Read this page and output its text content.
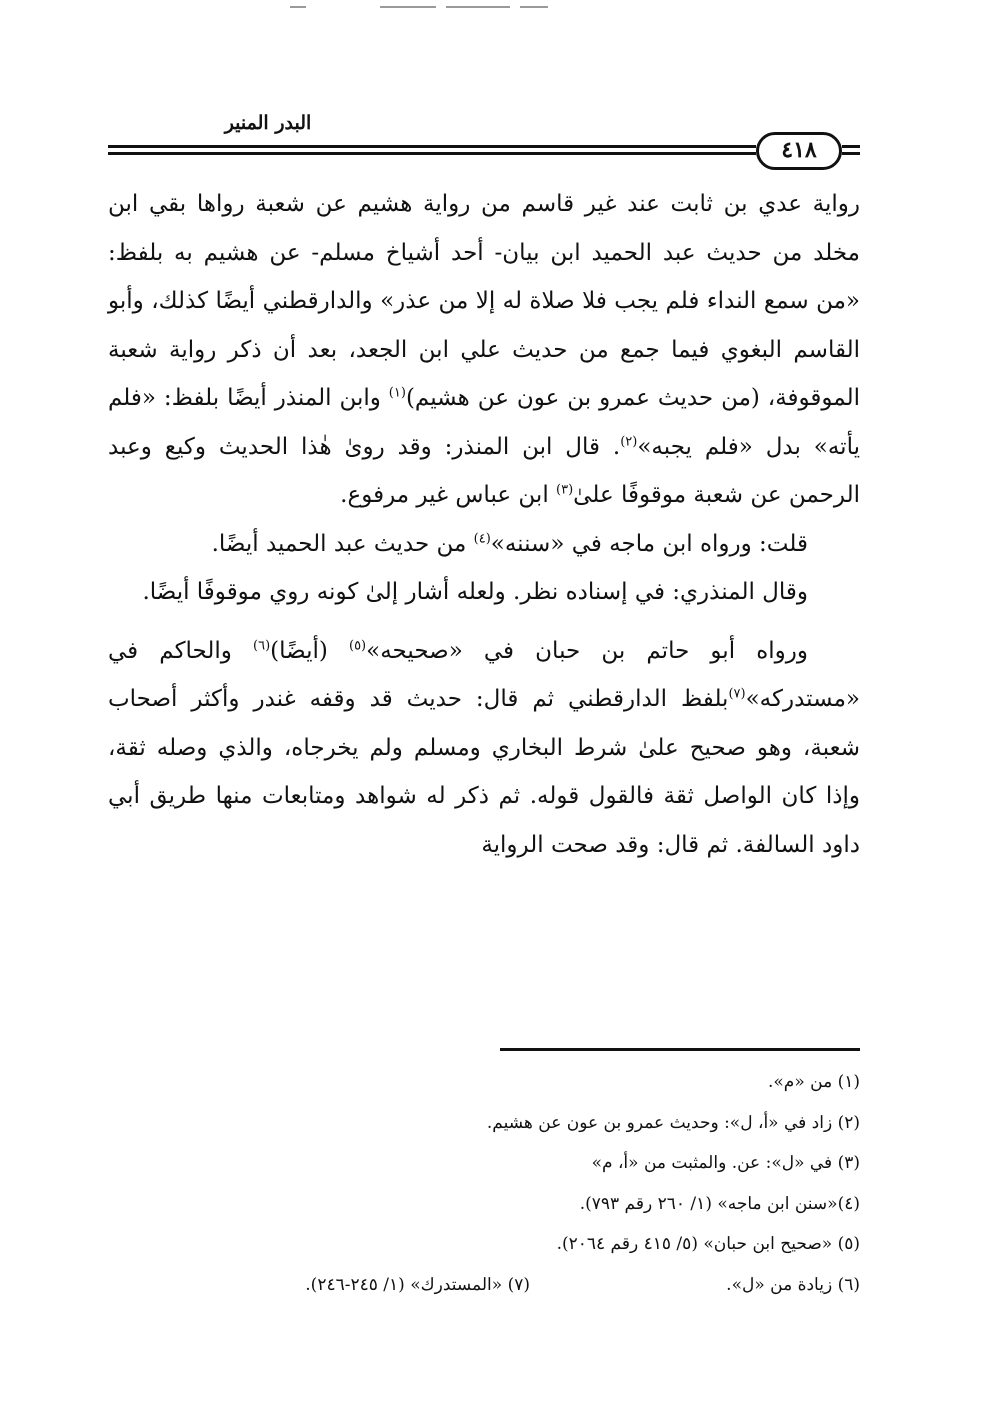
البدر المنير
٤١٨

رواية عدي بن ثابت عند غير قاسم من رواية هشيم عن شعبة رواها بقي ابن مخلد من حديث عبد الحميد ابن بيان- أحد أشياخ مسلم- عن هشيم به بلفظ: «من سمع النداء فلم يجب فلا صلاة له إلا من عذر» والدارقطني أيضًا كذلك، وأبو القاسم البغوي فيما جمع من حديث علي ابن الجعد، بعد أن ذكر رواية شعبة الموقوفة، (من حديث عمرو بن عون عن هشيم)$^{(١)}$ وابن المنذر أيضًا بلفظ: «فلم يأته» بدل «فلم يجبه»$^{(٢)}$. قال ابن المنذر: وقد رویٰ هٰذا الحديث وكيع وعبد الرحمن عن شعبة موقوفًا علىٰ$^{(٣)}$ ابن عباس غير مرفوع.

قلت: ورواه ابن ماجه في «سننه»$^{(٤)}$ من حديث عبد الحميد أيضًا.

وقال المنذري: في إسناده نظر. ولعله أشار إلىٰ كونه روي موقوفًا أيضًا.

ورواه أبو حاتم بن حبان في «صحيحه»$^{(٥)}$ (أيضًا)$^{(٦)}$ والحاكم في «مستدركه»$^{(٧)}$بلفظ الدارقطني ثم قال: حديث قد وقفه غندر وأكثر أصحاب شعبة، وهو صحيح علىٰ شرط البخاري ومسلم ولم يخرجاه، والذي وصله ثقة، وإذا كان الواصل ثقة فالقول قوله. ثم ذكر له شواهد ومتابعات منها طريق أبي داود السالفة. ثم قال: وقد صحت الرواية

(١) من «م».
(٢) زاد في «أ، ل»: وحديث عمرو بن عون عن هشيم.
(٣) في «ل»: عن. والمثبت من «أ، م»
(٤)«سنن ابن ماجه» (١/ ٢٦٠ رقم ٧٩٣).
(٥) «صحيح ابن حبان» (٥/ ٤١٥ رقم ٢٠٦٤).
(٦) زيادة من «ل».
(٧) «المستدرك» (١/ ٢٤٥-٢٤٦).
